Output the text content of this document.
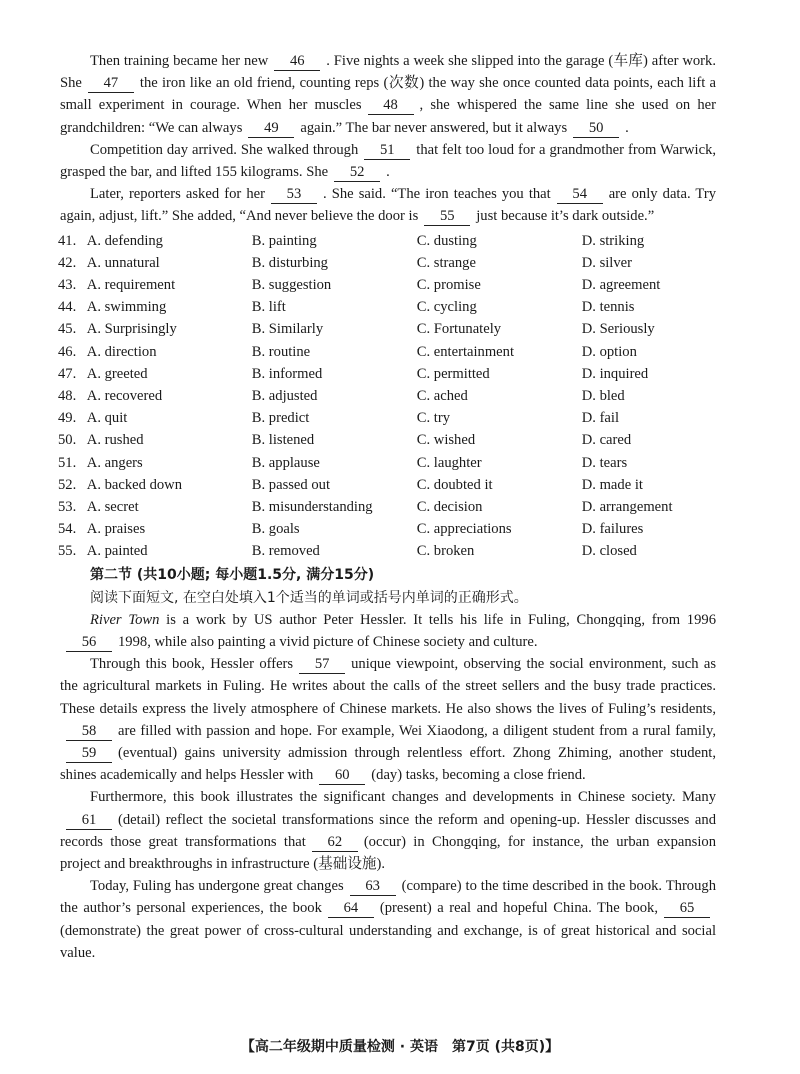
Then training became her new 46 . Five nights a week she slipped into the garage (车库) after work. She 47 the iron like an old friend, counting reps (次数) the way she once counted data points, each lift a small experiment in courage. When her muscles 48 , she whispered the same line she used on her grandchildren: “We can always 49 again.” The bar never answered, but it always 50 .

Competition day arrived. She walked through 51 that felt too loud for a grandmother from Warwick, grasped the bar, and lifted 155 kilograms. She 52 .

Later, reporters asked for her 53 . She said. “The iron teaches you that 54 are only data. Try again, adjust, lift.” She added, “And never believe the door is 55 just because it’s dark outside.”

41. A. defending	B. painting	C. dusting	D. striking
42. A. unnatural	B. disturbing	C. strange	D. silver
43. A. requirement	B. suggestion	C. promise	D. agreement
44. A. swimming	B. lift	C. cycling	D. tennis
45. A. Surprisingly	B. Similarly	C. Fortunately	D. Seriously
46. A. direction	B. routine	C. entertainment	D. option
47. A. greeted	B. informed	C. permitted	D. inquired
48. A. recovered	B. adjusted	C. ached	D. bled
49. A. quit	B. predict	C. try	D. fail
50. A. rushed	B. listened	C. wished	D. cared
51. A. angers	B. applause	C. laughter	D. tears
52. A. backed down	B. passed out	C. doubted it	D. made it
53. A. secret	B. misunderstanding	C. decision	D. arrangement
54. A. praises	B. goals	C. appreciations	D. failures
55. A. painted	B. removed	C. broken	D. closed
第二节 (共10小题; 每小题1.5分, 满分15分)
阅读下面短文, 在空白处填入1个适当的单词或括号内单词的正确形式。

River Town is a work by US author Peter Hessler. It tells his life in Fuling, Chongqing, from 199656 1998, while also painting a vivid picture of Chinese society and culture.

Through this book, Hessler offers 57 unique viewpoint, observing the social environment, such as the agricultural markets in Fuling. He writes about the calls of the street sellers and the busy trade practices. These details express the lively atmosphere of Chinese markets. He also shows the lives of Fuling’s residents,58 are filled with passion and hope. For example, Wei Xiaodong, a diligent student from a rural family,59 (eventual) gains university admission through relentless effort. Zhong Zhiming, another student, shines academically and helps Hessler with 60 (day) tasks, becoming a close friend.

Furthermore, this book illustrates the significant changes and developments in Chinese society. Many61 (detail) reflect the societal transformations since the reform and opening-up. Hessler discusses and records those great transformations that 62 (occur) in Chongqing, for instance, the urban expansion project and breakthroughs in infrastructure (基础设施).

Today, Fuling has undergone great changes 63 (compare) to the time described in the book. Through the author’s personal experiences, the book 64 (present) a real and hopeful China. The book, 65(demonstrate) the great power of cross-cultural understanding and exchange, is of great historical and social value.

【高二年级期中质量检测 · 英语　第7页 (共8页)】
